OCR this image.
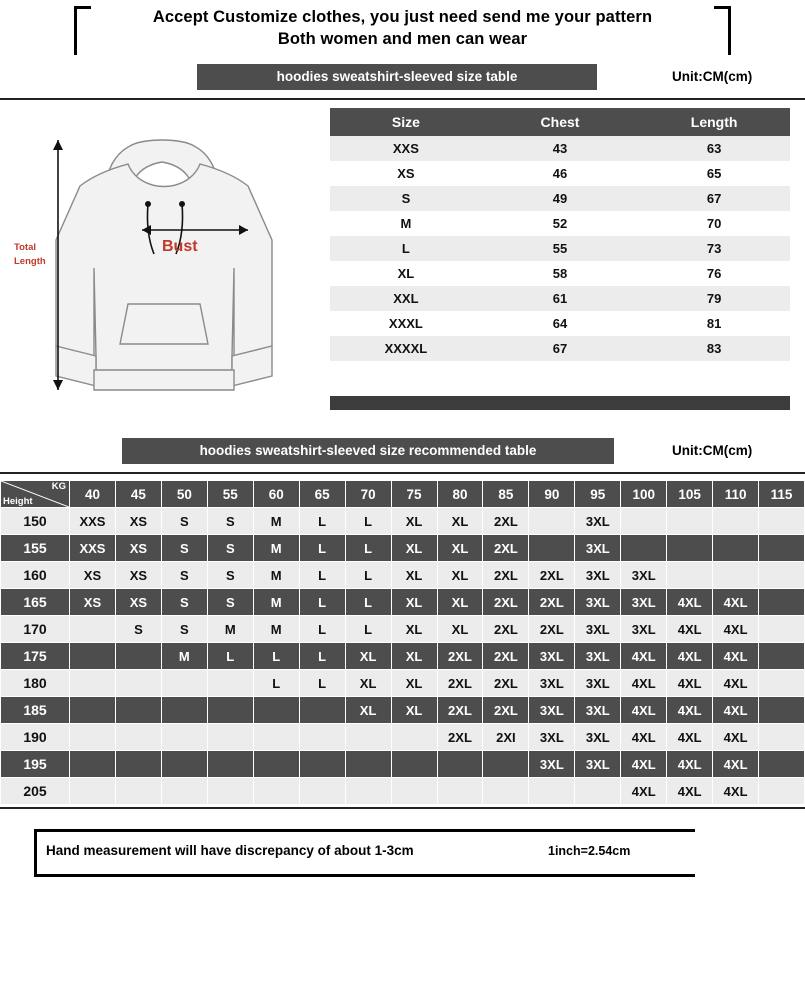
Accept Customize clothes, you just need send me your pattern
Both women and men can wear
hoodies sweatshirt-sleeved size table	Unit:CM(cm)
Bust
Total
Length
Size	Chest	Length
XXS	43	63
XS	46	65
S	49	67
M	52	70
L	55	73
XL	58	76
XXL	61	79
XXXL	64	81
XXXXL	67	83
hoodies sweatshirt-sleeved size recommended table	Unit:CM(cm)
KG
Height	40	45	50	55	60	65	70	75	80	85	90	95	100	105	110	115
150	XXS	XS	S	S	M	L	L	XL	XL	2XL		3XL				
155	XXS	XS	S	S	M	L	L	XL	XL	2XL		3XL				
160	XS	XS	S	S	M	L	L	XL	XL	2XL	2XL	3XL	3XL			
165	XS	XS	S	S	M	L	L	XL	XL	2XL	2XL	3XL	3XL	4XL	4XL	
170		S	S	M	M	L	L	XL	XL	2XL	2XL	3XL	3XL	4XL	4XL	
175			M	L	L	L	XL	XL	2XL	2XL	3XL	3XL	4XL	4XL	4XL	
180					L	L	XL	XL	2XL	2XL	3XL	3XL	4XL	4XL	4XL	
185							XL	XL	2XL	2XL	3XL	3XL	4XL	4XL	4XL	
190									2XL	2XI	3XL	3XL	4XL	4XL	4XL	
195											3XL	3XL	4XL	4XL	4XL	
205													4XL	4XL	4XL	
Hand measurement will have discrepancy of about 1-3cm	1inch=2.54cm
